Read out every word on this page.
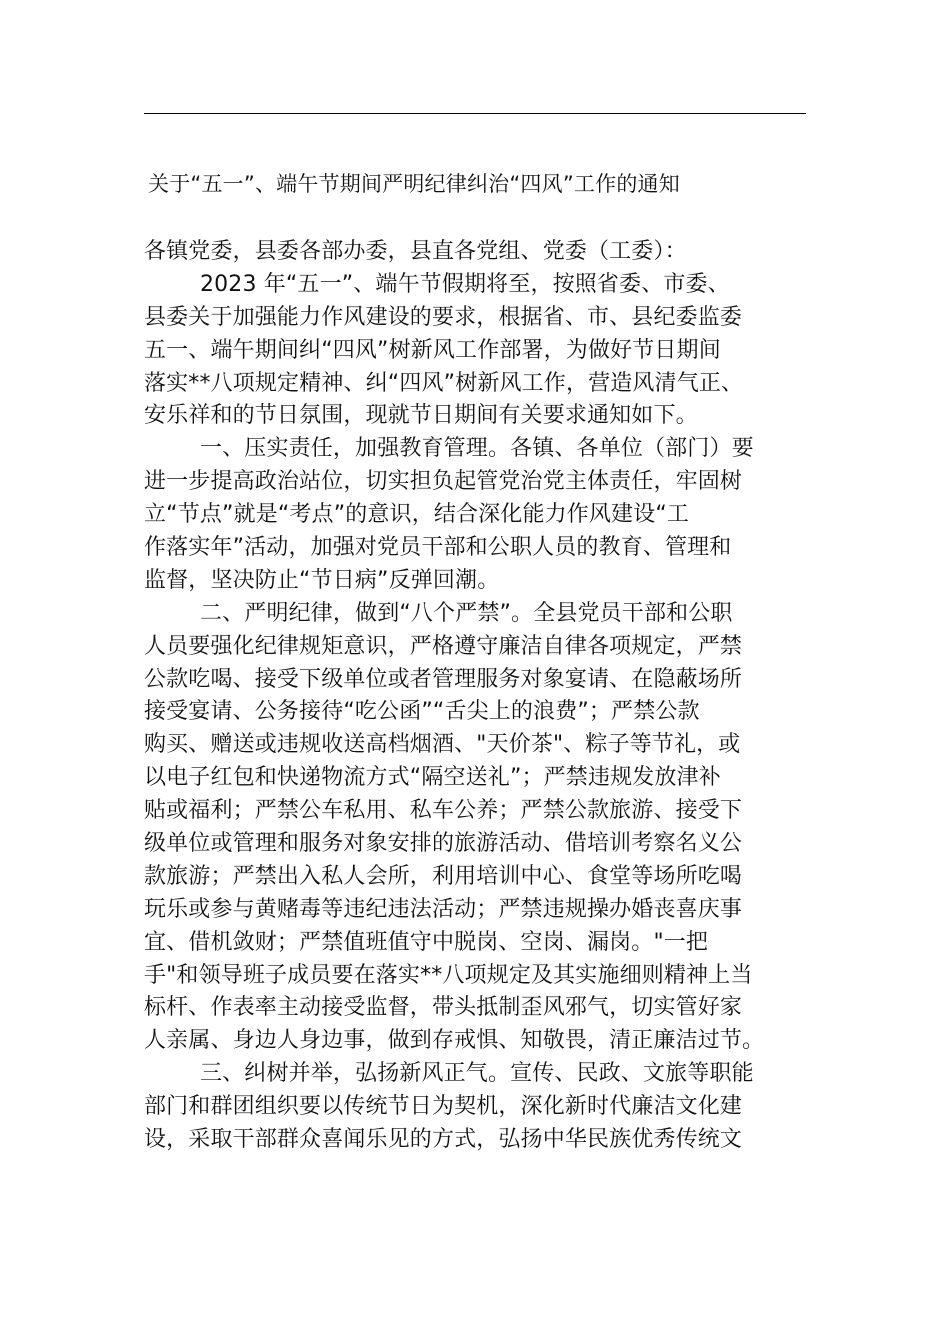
关于“五一”、端午节期间严明纪律纠治“四风”工作的通知
各镇党委，县委各部办委，县直各党组、党委（工委）：
2023 年“五一”、端午节假期将至，按照省委、市委、
县委关于加强能力作风建设的要求，根据省、市、县纪委监委
五一、端午期间纠“四风”树新风工作部署，为做好节日期间
落实**八项规定精神、纠“四风”树新风工作，营造风清气正、
安乐祥和的节日氛围，现就节日期间有关要求通知如下。
一、压实责任，加强教育管理。各镇、各单位（部门）要
进一步提高政治站位，切实担负起管党治党主体责任，牢固树
立“节点”就是“考点”的意识，结合深化能力作风建设“工
作落实年”活动，加强对党员干部和公职人员的教育、管理和
监督，坚决防止“节日病”反弹回潮。
二、严明纪律，做到“八个严禁”。全县党员干部和公职
人员要强化纪律规矩意识，严格遵守廉洁自律各项规定，严禁
公款吃喝、接受下级单位或者管理服务对象宴请、在隐蔽场所
接受宴请、公务接待“吃公函”“舌尖上的浪费”；严禁公款
购买、赠送或违规收送高档烟酒、"天价茶"、粽子等节礼，或
以电子红包和快递物流方式“隔空送礼”；严禁违规发放津补
贴或福利；严禁公车私用、私车公养；严禁公款旅游、接受下
级单位或管理和服务对象安排的旅游活动、借培训考察名义公
款旅游；严禁出入私人会所，利用培训中心、食堂等场所吃喝
玩乐或参与黄赌毒等违纪违法活动；严禁违规操办婚丧喜庆事
宜、借机敛财；严禁值班值守中脱岗、空岗、漏岗。"一把
手"和领导班子成员要在落实**八项规定及其实施细则精神上当
标杆、作表率主动接受监督，带头抵制歪风邪气，切实管好家
人亲属、身边人身边事，做到存戒惧、知敬畏，清正廉洁过节。
三、纠树并举，弘扬新风正气。宣传、民政、文旅等职能
部门和群团组织要以传统节日为契机，深化新时代廉洁文化建
设，采取干部群众喜闻乐见的方式，弘扬中华民族优秀传统文
